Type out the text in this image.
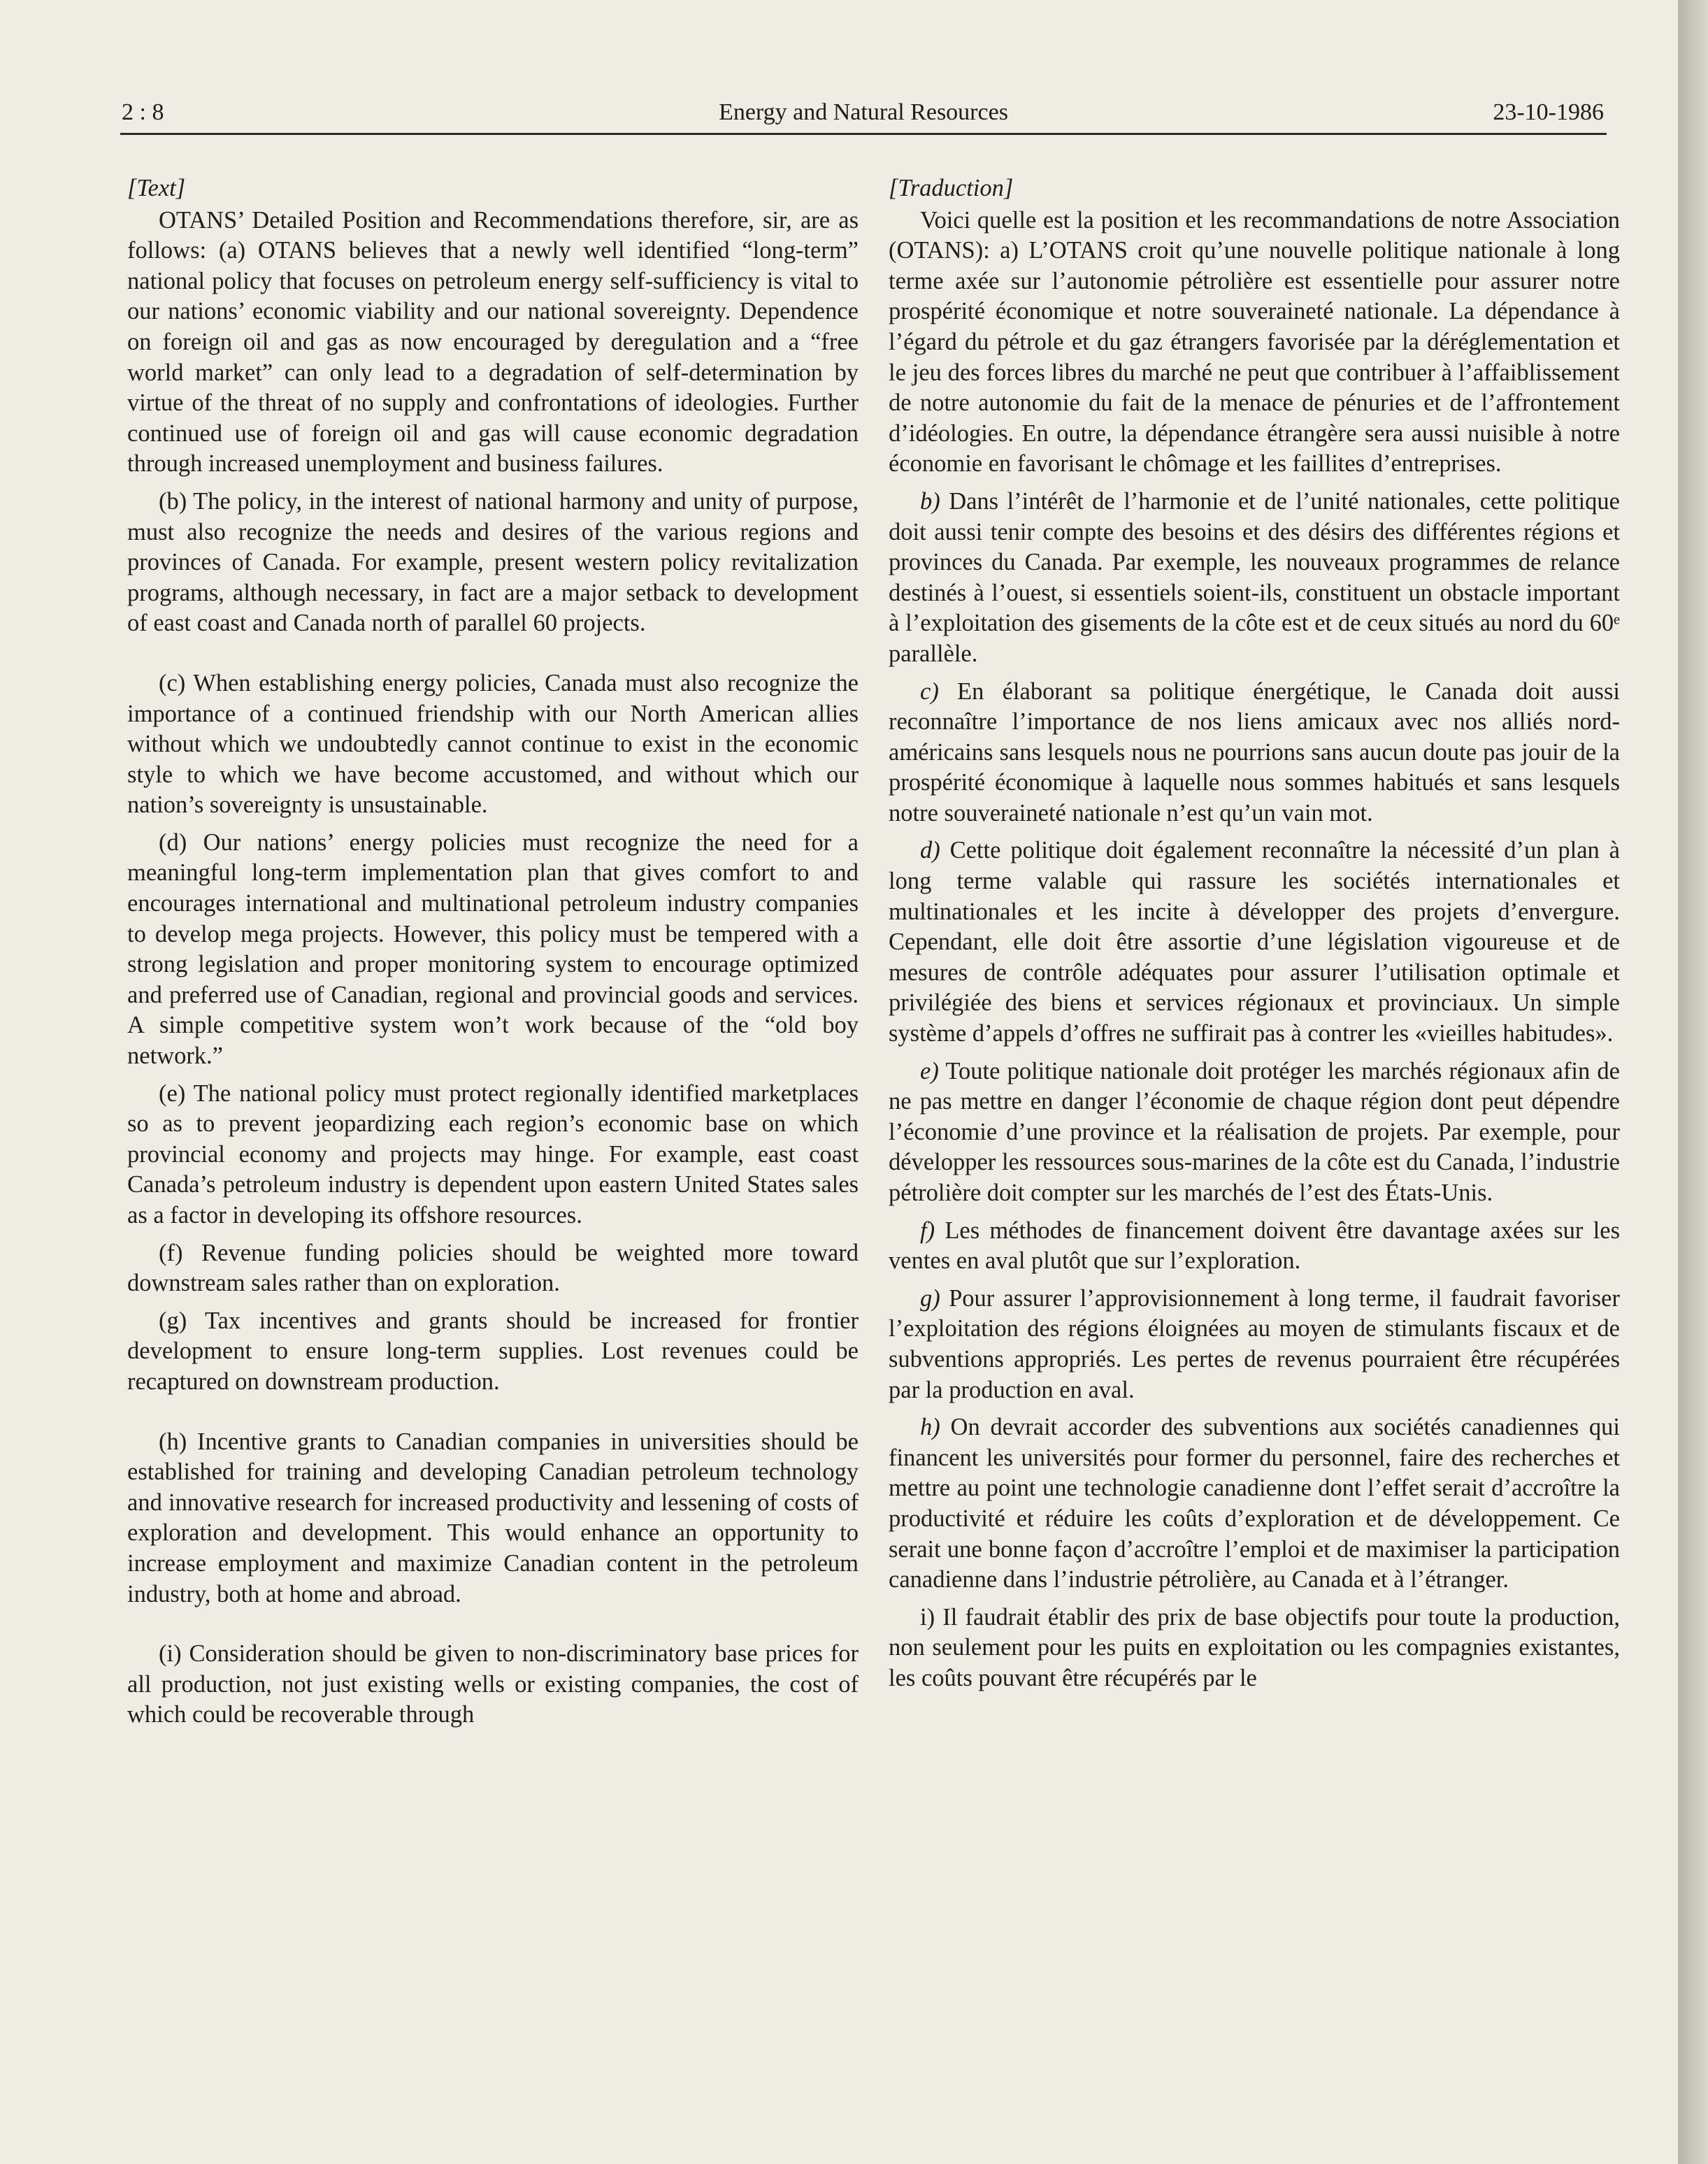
2 : 8	Energy and Natural Resources	23-10-1986
[Text]

OTANS’ Detailed Position and Recommendations therefore, sir, are as follows: (a) OTANS believes that a newly well identified “long-term” national policy that focuses on petroleum energy self-sufficiency is vital to our nations’ economic viability and our national sovereignty. Dependence on foreign oil and gas as now encouraged by deregulation and a “free world market” can only lead to a degradation of self-determination by virtue of the threat of no supply and confrontations of ideologies. Further continued use of foreign oil and gas will cause economic degradation through increased unemployment and business failures.

(b) The policy, in the interest of national harmony and unity of purpose, must also recognize the needs and desires of the various regions and provinces of Canada. For example, present western policy revitalization programs, although necessary, in fact are a major setback to development of east coast and Canada north of parallel 60 projects.

(c) When establishing energy policies, Canada must also recognize the importance of a continued friendship with our North American allies without which we undoubtedly cannot continue to exist in the economic style to which we have become accustomed, and without which our nation’s sovereignty is unsustainable.

(d) Our nations’ energy policies must recognize the need for a meaningful long-term implementation plan that gives comfort to and encourages international and multinational petroleum industry companies to develop mega projects. However, this policy must be tempered with a strong legislation and proper monitoring system to encourage optimized and preferred use of Canadian, regional and provincial goods and services. A simple competitive system won’t work because of the “old boy network.”

(e) The national policy must protect regionally identified marketplaces so as to prevent jeopardizing each region’s economic base on which provincial economy and projects may hinge. For example, east coast Canada’s petroleum industry is dependent upon eastern United States sales as a factor in developing its offshore resources.

(f) Revenue funding policies should be weighted more toward downstream sales rather than on exploration.

(g) Tax incentives and grants should be increased for frontier development to ensure long-term supplies. Lost revenues could be recaptured on downstream production.

(h) Incentive grants to Canadian companies in universities should be established for training and developing Canadian petroleum technology and innovative research for increased productivity and lessening of costs of exploration and development. This would enhance an opportunity to increase employment and maximize Canadian content in the petroleum industry, both at home and abroad.

(i) Consideration should be given to non-discriminatory base prices for all production, not just existing wells or existing companies, the cost of which could be recoverable through

[Traduction]

Voici quelle est la position et les recommandations de notre Association (OTANS): a) L’OTANS croit qu’une nouvelle politique nationale à long terme axée sur l’autonomie pétrolière est essentielle pour assurer notre prospérité économique et notre souveraineté nationale. La dépendance à l’égard du pétrole et du gaz étrangers favorisée par la déréglementation et le jeu des forces libres du marché ne peut que contribuer à l’affaiblissement de notre autonomie du fait de la menace de pénuries et de l’affrontement d’idéologies. En outre, la dépendance étrangère sera aussi nuisible à notre économie en favorisant le chômage et les faillites d’entreprises.

b) Dans l’intérêt de l’harmonie et de l’unité nationales, cette politique doit aussi tenir compte des besoins et des désirs des différentes régions et provinces du Canada. Par exemple, les nouveaux programmes de relance destinés à l’ouest, si essentiels soient-ils, constituent un obstacle important à l’exploitation des gisements de la côte est et de ceux situés au nord du 60ᵉ parallèle.

c) En élaborant sa politique énergétique, le Canada doit aussi reconnaître l’importance de nos liens amicaux avec nos alliés nord-américains sans lesquels nous ne pourrions sans aucun doute pas jouir de la prospérité économique à laquelle nous sommes habitués et sans lesquels notre souveraineté nationale n’est qu’un vain mot.

d) Cette politique doit également reconnaître la nécessité d’un plan à long terme valable qui rassure les sociétés internationales et multinationales et les incite à développer des projets d’envergure. Cependant, elle doit être assortie d’une législation vigoureuse et de mesures de contrôle adéquates pour assurer l’utilisation optimale et privilégiée des biens et services régionaux et provinciaux. Un simple système d’appels d’offres ne suffirait pas à contrer les «vieilles habitudes».

e) Toute politique nationale doit protéger les marchés régionaux afin de ne pas mettre en danger l’économie de chaque région dont peut dépendre l’économie d’une province et la réalisation de projets. Par exemple, pour développer les ressources sous-marines de la côte est du Canada, l’industrie pétrolière doit compter sur les marchés de l’est des États-Unis.

f) Les méthodes de financement doivent être davantage axées sur les ventes en aval plutôt que sur l’exploration.

g) Pour assurer l’approvisionnement à long terme, il faudrait favoriser l’exploitation des régions éloignées au moyen de stimulants fiscaux et de subventions appropriés. Les pertes de revenus pourraient être récupérées par la production en aval.

h) On devrait accorder des subventions aux sociétés canadiennes qui financent les universités pour former du personnel, faire des recherches et mettre au point une technologie canadienne dont l’effet serait d’accroître la productivité et réduire les coûts d’exploration et de développement. Ce serait une bonne façon d’accroître l’emploi et de maximiser la participation canadienne dans l’industrie pétrolière, au Canada et à l’étranger.

i) Il faudrait établir des prix de base objectifs pour toute la production, non seulement pour les puits en exploitation ou les compagnies existantes, les coûts pouvant être récupérés par le
